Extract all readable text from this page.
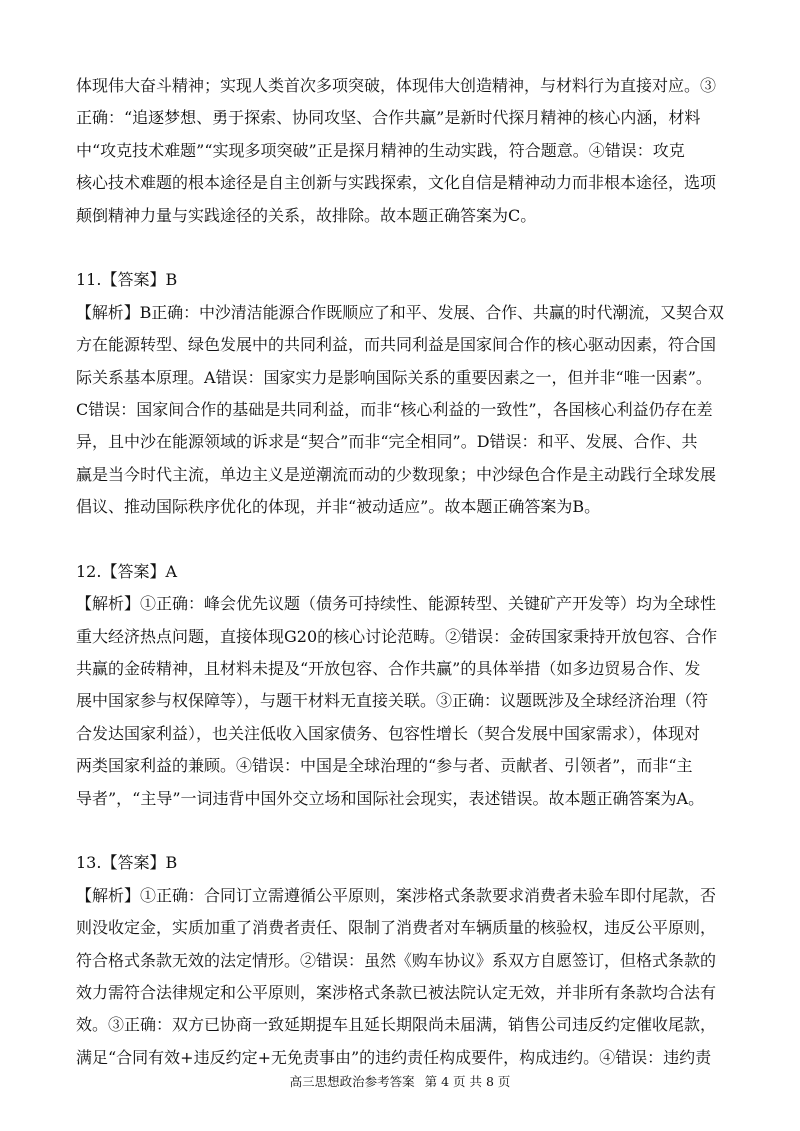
体现伟大奋斗精神；实现人类首次多项突破，体现伟大创造精神，与材料行为直接对应。③
正确：“追逐梦想、勇于探索、协同攻坚、合作共赢”是新时代探月精神的核心内涵，材料
中“攻克技术难题”“实现多项突破”正是探月精神的生动实践，符合题意。④错误：攻克
核心技术难题的根本途径是自主创新与实践探索，文化自信是精神动力而非根本途径，选项
颠倒精神力量与实践途径的关系，故排除。故本题正确答案为C。
11.【答案】B
【解析】B正确：中沙清洁能源合作既顺应了和平、发展、合作、共赢的时代潮流，又契合双
方在能源转型、绿色发展中的共同利益，而共同利益是国家间合作的核心驱动因素，符合国
际关系基本原理。A错误：国家实力是影响国际关系的重要因素之一，但并非“唯一因素”。
C错误：国家间合作的基础是共同利益，而非“核心利益的一致性”，各国核心利益仍存在差
异，且中沙在能源领域的诉求是“契合”而非“完全相同”。D错误：和平、发展、合作、共
赢是当今时代主流，单边主义是逆潮流而动的少数现象；中沙绿色合作是主动践行全球发展
倡议、推动国际秩序优化的体现，并非“被动适应”。故本题正确答案为B。
12.【答案】A
【解析】①正确：峰会优先议题（债务可持续性、能源转型、关键矿产开发等）均为全球性
重大经济热点问题，直接体现G20的核心讨论范畴。②错误：金砖国家秉持开放包容、合作
共赢的金砖精神，且材料未提及“开放包容、合作共赢”的具体举措（如多边贸易合作、发
展中国家参与权保障等），与题干材料无直接关联。③正确：议题既涉及全球经济治理（符
合发达国家利益），也关注低收入国家债务、包容性增长（契合发展中国家需求），体现对
两类国家利益的兼顾。④错误：中国是全球治理的“参与者、贡献者、引领者”，而非“主
导者”，“主导”一词违背中国外交立场和国际社会现实，表述错误。故本题正确答案为A。
13.【答案】B
【解析】①正确：合同订立需遵循公平原则，案涉格式条款要求消费者未验车即付尾款，否
则没收定金，实质加重了消费者责任、限制了消费者对车辆质量的核验权，违反公平原则，
符合格式条款无效的法定情形。②错误：虽然《购车协议》系双方自愿签订，但格式条款的
效力需符合法律规定和公平原则，案涉格式条款已被法院认定无效，并非所有条款均合法有
效。③正确：双方已协商一致延期提车且延长期限尚未届满，销售公司违反约定催收尾款，
满足“合同有效+违反约定+无免责事由”的违约责任构成要件，构成违约。④错误：违约责
高三思想政治参考答案 第 4 页 共 8 页
